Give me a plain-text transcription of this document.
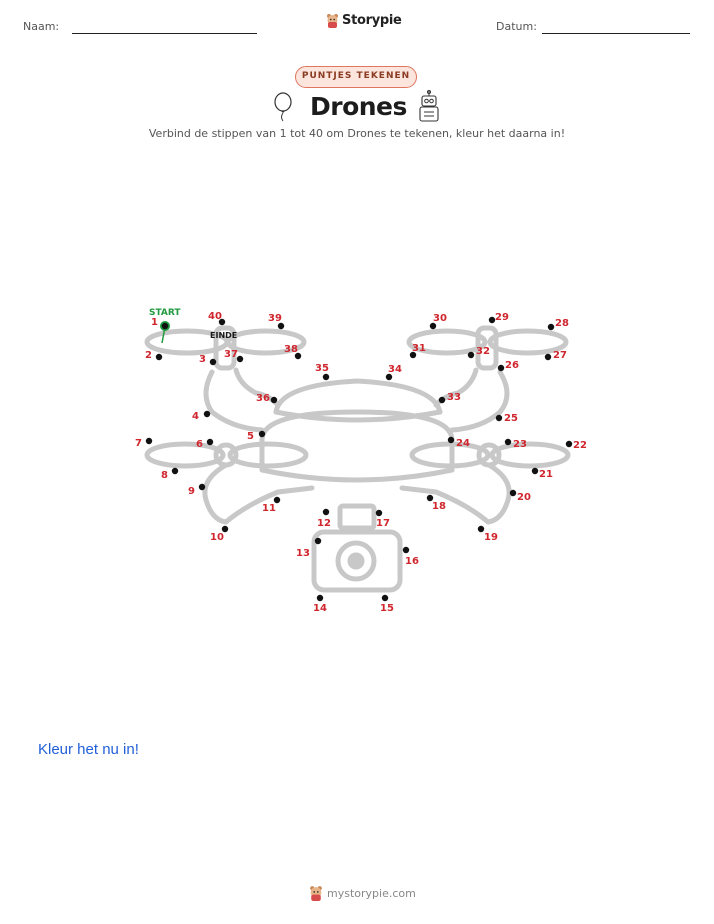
Naam:	Storypie	Datum:
PUNTJES TEKENEN
Drones
Verbind de stippen van 1 tot 40 om Drones te tekenen, kleur het daarna in!
START
EINDE
1
2	3
4
5
6
7
8
9
10
11
12
13
14	15
16
17
18
19
20
21
22
23
24
25
26
27
28
29
30
31	32
33
34
35
36
37	38
39
40
Kleur het nu in!
mystorypie.com
